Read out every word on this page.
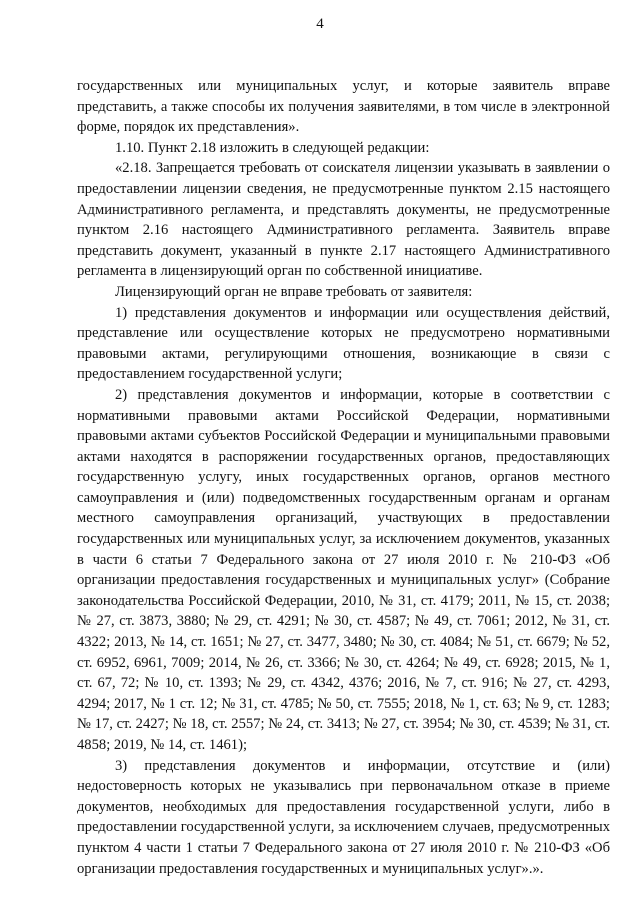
4

государственных или муниципальных услуг, и которые заявитель вправе представить, а также способы их получения заявителями, в том числе в электронной форме, порядок их представления».

1.10. Пункт 2.18 изложить в следующей редакции:

«2.18. Запрещается требовать от соискателя лицензии указывать в заявлении о предоставлении лицензии сведения, не предусмотренные пунктом 2.15 настоящего Административного регламента, и представлять документы, не предусмотренные пунктом 2.16 настоящего Административного регламента. Заявитель вправе представить документ, указанный в пункте 2.17 настоящего Административного регламента в лицензирующий орган по собственной инициативе.

Лицензирующий орган не вправе требовать от заявителя:

1) представления документов и информации или осуществления действий, представление или осуществление которых не предусмотрено нормативными правовыми актами, регулирующими отношения, возникающие в связи с предоставлением государственной услуги;

2) представления документов и информации, которые в соответствии с нормативными правовыми актами Российской Федерации, нормативными правовыми актами субъектов Российской Федерации и муниципальными правовыми актами находятся в распоряжении государственных органов, предоставляющих государственную услугу, иных государственных органов, органов местного самоуправления и (или) подведомственных государственным органам и органам местного самоуправления организаций, участвующих в предоставлении государственных или муниципальных услуг, за исключением документов, указанных в части 6 статьи 7 Федерального закона от 27 июля 2010 г. № 210-ФЗ «Об организации предоставления государственных и муниципальных услуг» (Собрание законодательства Российской Федерации, 2010, № 31, ст. 4179; 2011, № 15, ст. 2038; № 27, ст. 3873, 3880; № 29, ст. 4291; № 30, ст. 4587; № 49, ст. 7061; 2012, № 31, ст. 4322; 2013, № 14, ст. 1651; № 27, ст. 3477, 3480; № 30, ст. 4084; № 51, ст. 6679; № 52, ст. 6952, 6961, 7009; 2014, № 26, ст. 3366; № 30, ст. 4264; № 49, ст. 6928; 2015, № 1, ст. 67, 72; № 10, ст. 1393; № 29, ст. 4342, 4376; 2016, № 7, ст. 916; № 27, ст. 4293, 4294; 2017, № 1 ст. 12; № 31, ст. 4785; № 50, ст. 7555; 2018, № 1, ст. 63; № 9, ст. 1283; № 17, ст. 2427; № 18, ст. 2557; № 24, ст. 3413; № 27, ст. 3954; № 30, ст. 4539; № 31, ст. 4858; 2019, № 14, ст. 1461);

3) представления документов и информации, отсутствие и (или) недостоверность которых не указывались при первоначальном отказе в приеме документов, необходимых для предоставления государственной услуги, либо в предоставлении государственной услуги, за исключением случаев, предусмотренных пунктом 4 части 1 статьи 7 Федерального закона от 27 июля 2010 г. № 210-ФЗ «Об организации предоставления государственных и муниципальных услуг».».
